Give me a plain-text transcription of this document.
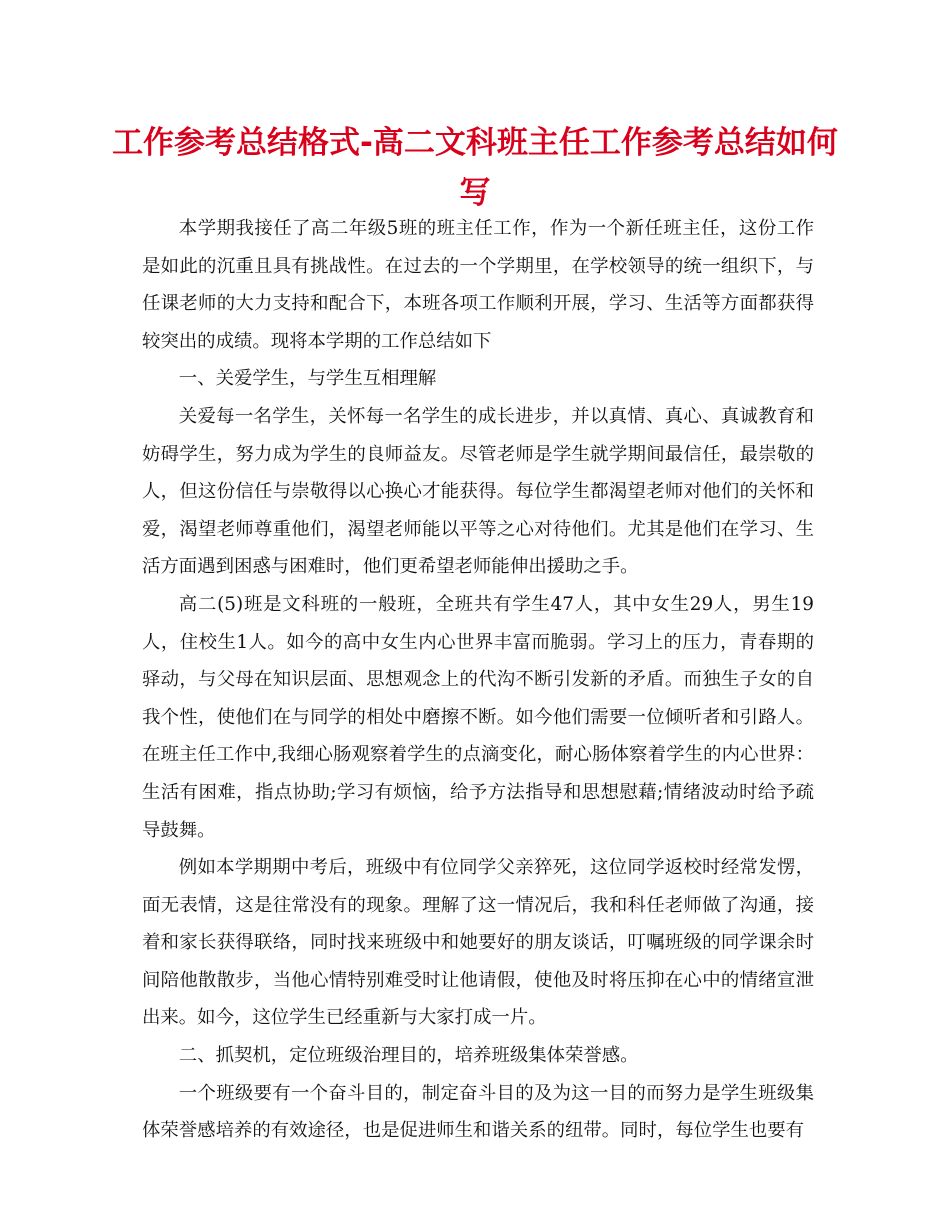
工作参考总结格式-高二文科班主任工作参考总结如何写

本学期我接任了高二年级5班的班主任工作，作为一个新任班主任，这份工作是如此的沉重且具有挑战性。在过去的一个学期里，在学校领导的统一组织下，与任课老师的大力支持和配合下，本班各项工作顺利开展，学习、生活等方面都获得较突出的成绩。现将本学期的工作总结如下

一、关爱学生，与学生互相理解

关爱每一名学生，关怀每一名学生的成长进步，并以真情、真心、真诚教育和妨碍学生，努力成为学生的良师益友。尽管老师是学生就学期间最信任，最崇敬的人，但这份信任与崇敬得以心换心才能获得。每位学生都渴望老师对他们的关怀和爱，渴望老师尊重他们，渴望老师能以平等之心对待他们。尤其是他们在学习、生活方面遇到困惑与困难时，他们更希望老师能伸出援助之手。

高二(5)班是文科班的一般班，全班共有学生47人，其中女生29人，男生19人，住校生1人。如今的高中女生内心世界丰富而脆弱。学习上的压力，青春期的驿动，与父母在知识层面、思想观念上的代沟不断引发新的矛盾。而独生子女的自我个性，使他们在与同学的相处中磨擦不断。如今他们需要一位倾听者和引路人。在班主任工作中,我细心肠观察着学生的点滴变化，耐心肠体察着学生的内心世界：生活有困难，指点协助;学习有烦恼，给予方法指导和思想慰藉;情绪波动时给予疏导鼓舞。

例如本学期期中考后，班级中有位同学父亲猝死，这位同学返校时经常发愣，面无表情，这是往常没有的现象。理解了这一情况后，我和科任老师做了沟通，接着和家长获得联络，同时找来班级中和她要好的朋友谈话，叮嘱班级的同学课余时间陪他散散步，当他心情特别难受时让他请假，使他及时将压抑在心中的情绪宣泄出来。如今，这位学生已经重新与大家打成一片。

二、抓契机，定位班级治理目的，培养班级集体荣誉感。

一个班级要有一个奋斗目的，制定奋斗目的及为这一目的而努力是学生班级集体荣誉感培养的有效途径，也是促进师生和谐关系的纽带。同时，每位学生也要有
